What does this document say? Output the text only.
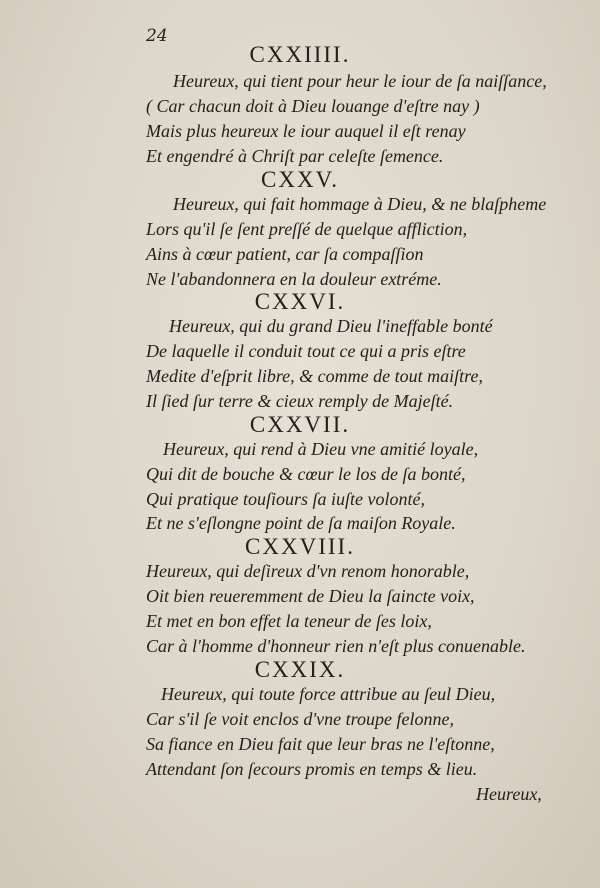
24
CXXIIII.
Heureux, qui tient pour heur le iour de ſa naiſſance,
( Car chacun doit à Dieu louange d'eſtre nay )
Mais plus heureux le iour auquel il eſt renay
Et engendré à Chriſt par celeſte ſemence.
CXXV.
Heureux, qui fait hommage à Dieu, & ne blaſpheme
Lors qu'il ſe ſent preſſé de quelque affliction,
Ains à cœur patient, car ſa compaſſion
Ne l'abandonnera en la douleur extréme.
CXXVI.
Heureux, qui du grand Dieu l'ineffable bonté
De laquelle il conduit tout ce qui a pris eſtre
Medite d'eſprit libre, & comme de tout maiſtre,
Il ſied ſur terre & cieux remply de Majeſté.
CXXVII.
Heureux, qui rend à Dieu vne amitié loyale,
Qui dit de bouche & cœur le los de ſa bonté,
Qui pratique touſiours ſa iuſte volonté,
Et ne s'eſlongne point de ſa maiſon Royale.
CXXVIII.
Heureux, qui deſireux d'vn renom honorable,
Oit bien reueremment de Dieu la ſaincte voix,
Et met en bon effet la teneur de ſes loix,
Car à l'homme d'honneur rien n'eſt plus conuenable.
CXXIX.
Heureux, qui toute force attribue au ſeul Dieu,
Car s'il ſe voit enclos d'vne troupe felonne,
Sa fiance en Dieu fait que leur bras ne l'eſtonne,
Attendant ſon ſecours promis en temps & lieu.
Heureux,
